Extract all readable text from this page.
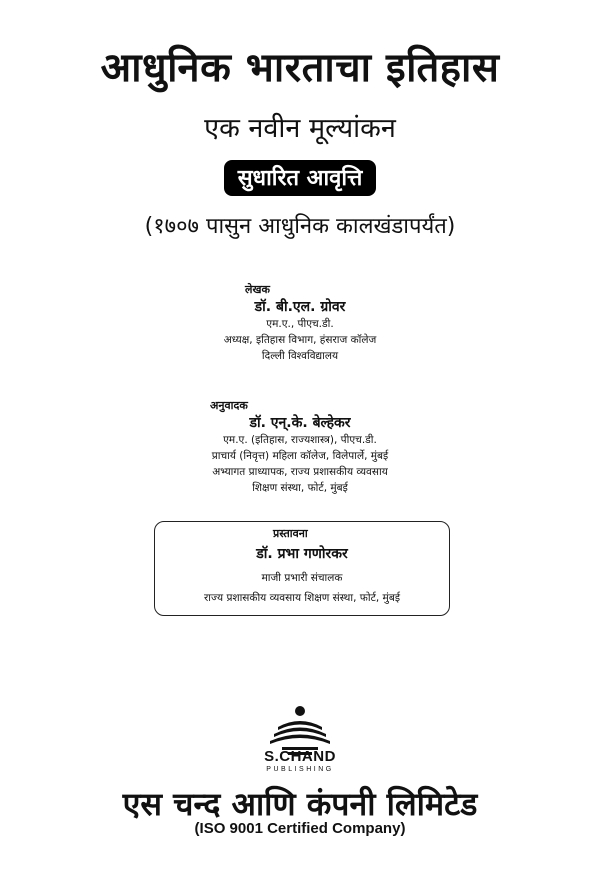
आधुनिक भारताचा इतिहास
एक नवीन मूल्यांकन
सुधारित आवृत्ति
(१७०७ पासुन आधुनिक कालखंडापर्यंत)
लेखक
डॉ. बी.एल. ग्रोवर
एम.ए., पीएच.डी.
अध्यक्ष, इतिहास विभाग, हंसराज कॉलेज
दिल्ली विश्वविद्यालय
अनुवादक
डॉ. एन्.के. बेल्हेकर
एम.ए. (इतिहास, राज्यशास्त्र), पीएच.डी.
प्राचार्य (निवृत्त) महिला कॉलेज, विलेपार्ले, मुंबई
अभ्यागत प्राध्यापक, राज्य प्रशासकीय व्यवसाय
शिक्षण संस्था, फोर्ट, मुंबई
प्रस्तावना
डॉ. प्रभा गणोरकर
माजी प्रभारी संचालक
राज्य प्रशासकीय व्यवसाय शिक्षण संस्था, फोर्ट, मुंबई
S.CHAND
PUBLISHING
एस चन्द आणि कंपनी लिमिटेड
(ISO 9001 Certified Company)
